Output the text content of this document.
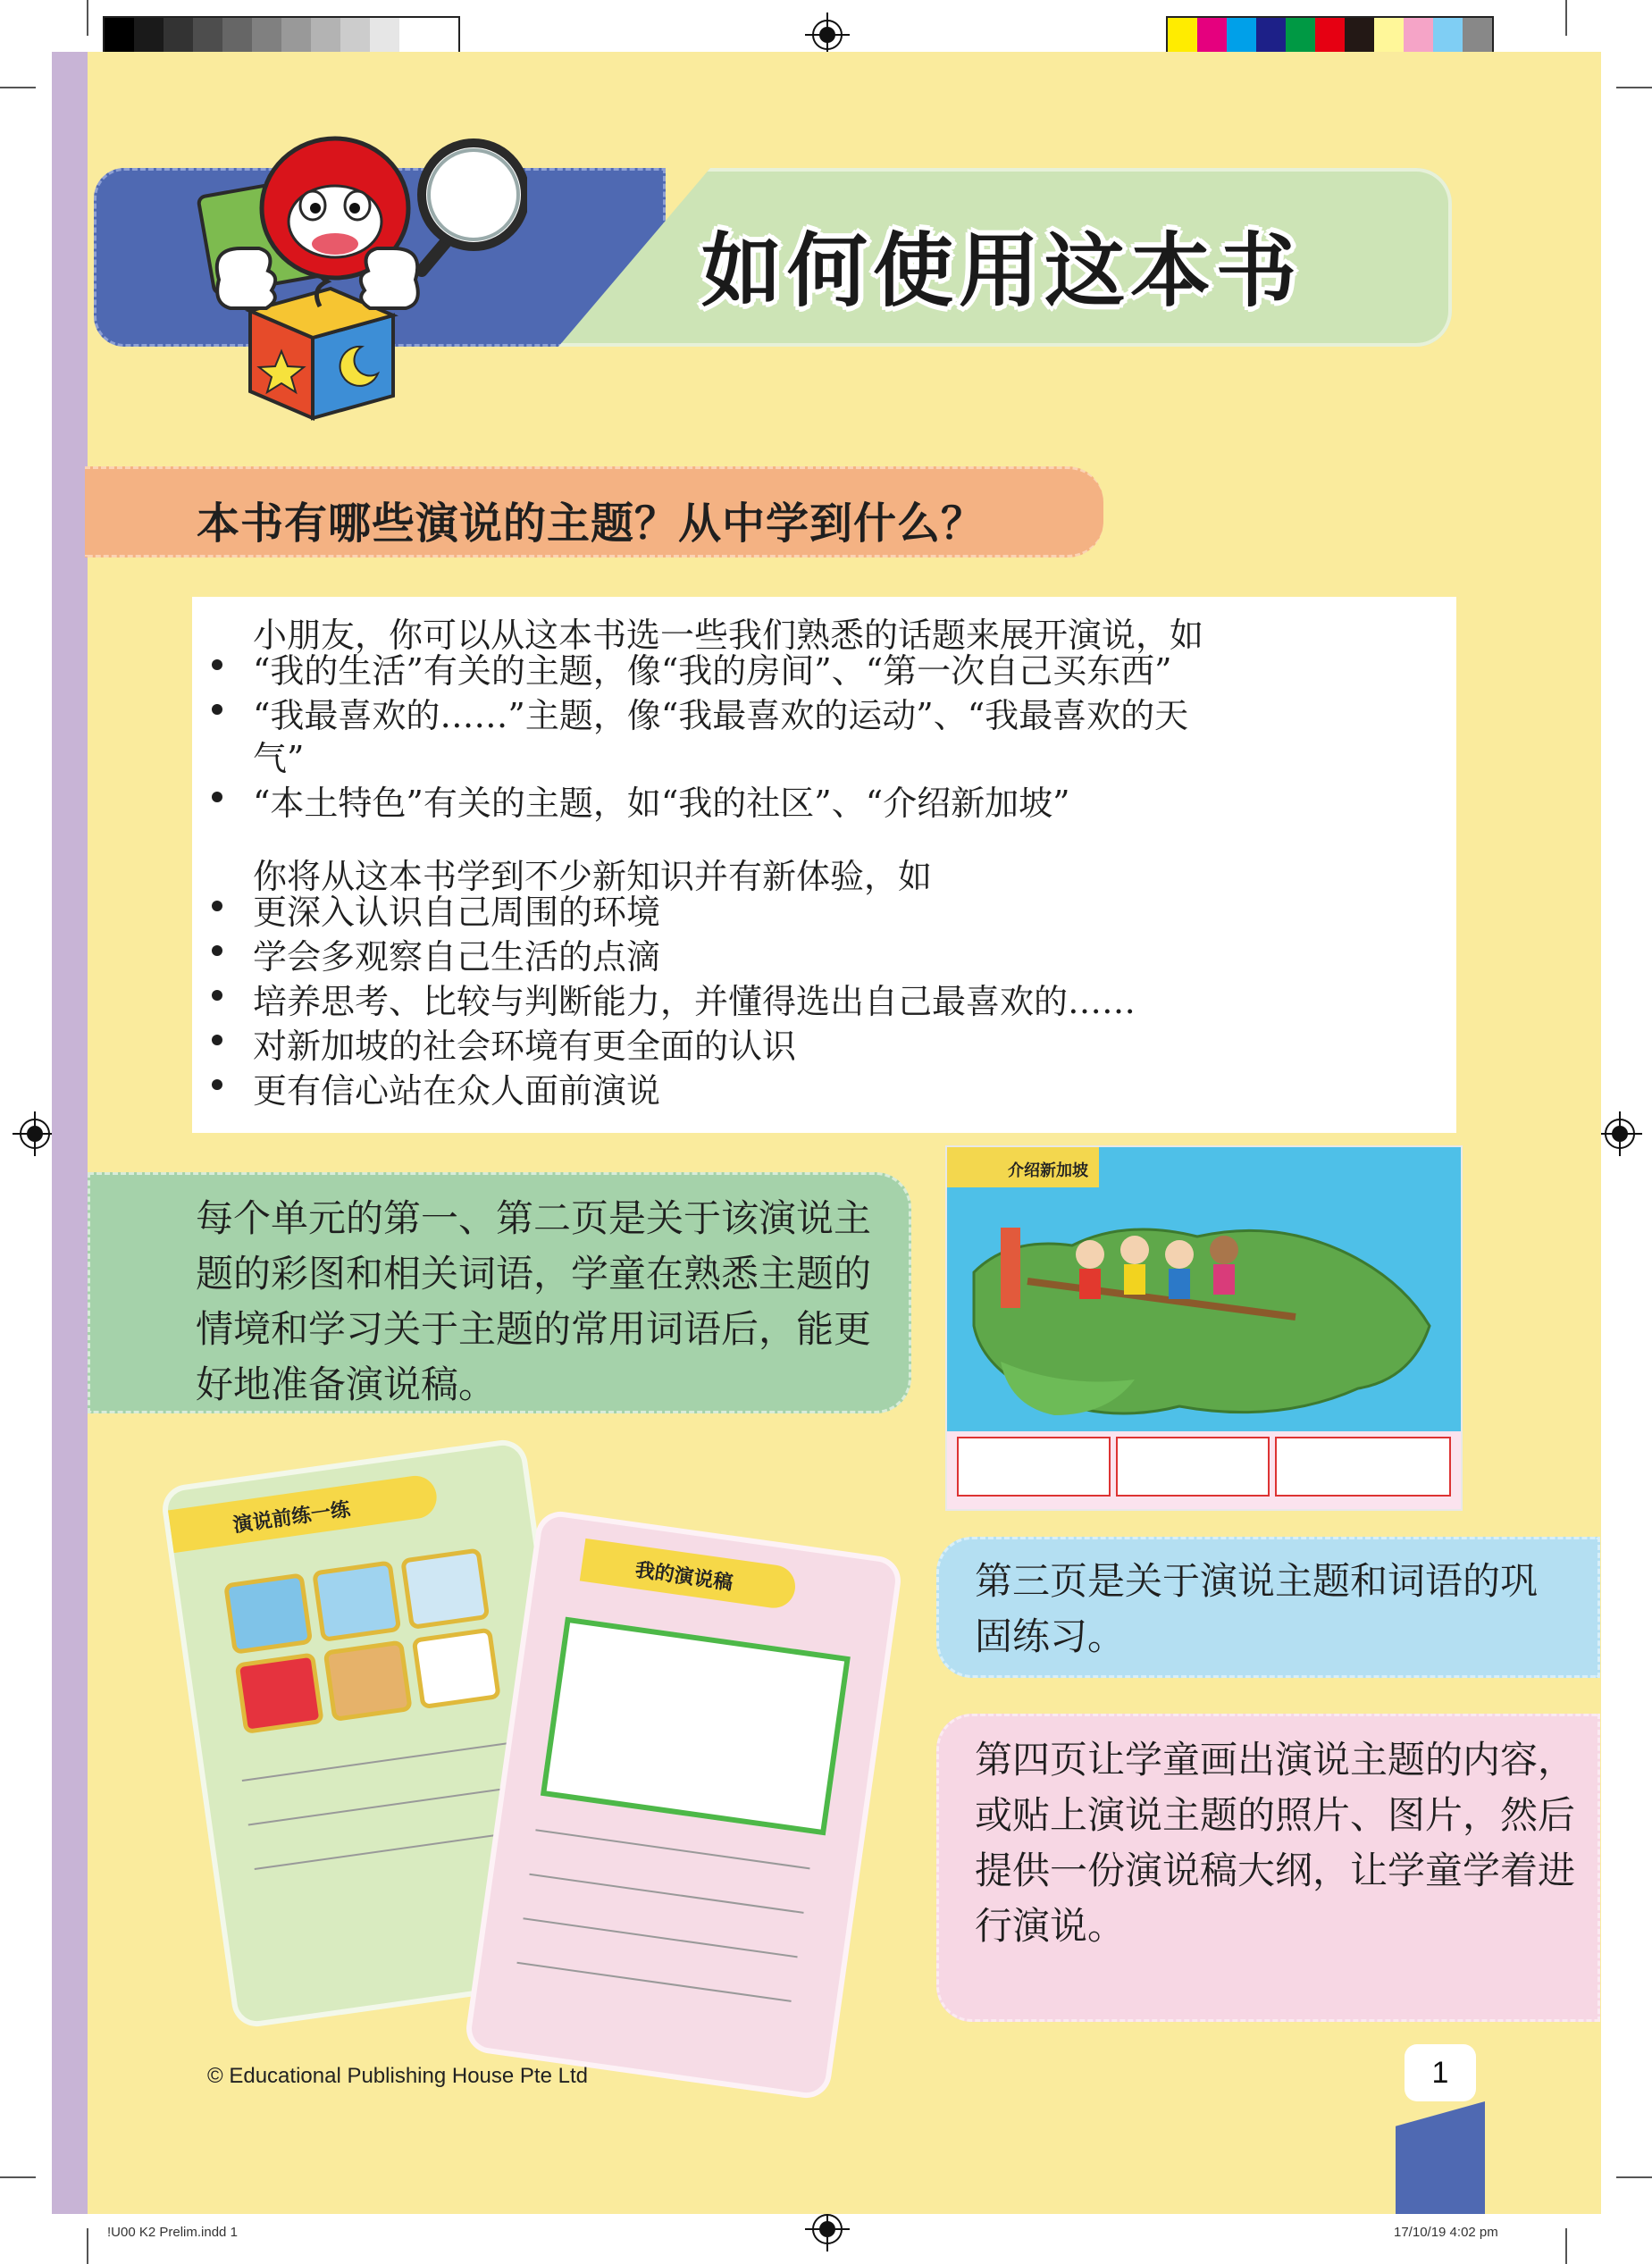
如何使用这本书
本书有哪些演说的主题？从中学到什么？
小朋友，你可以从这本书选一些我们熟悉的话题来展开演说，如
“我的生活”有关的主题，像“我的房间”、“第一次自己买东西”
“我最喜欢的……”主题，像“我最喜欢的运动”、“我最喜欢的天
气”
“本土特色”有关的主题，如“我的社区”、“介绍新加坡”
你将从这本书学到不少新知识并有新体验，如
更深入认识自己周围的环境
学会多观察自己生活的点滴
培养思考、比较与判断能力，并懂得选出自己最喜欢的……
对新加坡的社会环境有更全面的认识
更有信心站在众人面前演说
每个单元的第一、第二页是关于该演说主题的彩图和相关词语，学童在熟悉主题的情境和学习关于主题的常用词语后，能更好地准备演说稿。
介绍新加坡
第三页是关于演说主题和词语的巩固练习。
第四页让学童画出演说主题的内容，或贴上演说主题的照片、图片，然后提供一份演说稿大纲，让学童学着进行演说。
演说前练一练
我的演说稿
© Educational Publishing House Pte Ltd	1
!U00 K2 Prelim.indd 1	17/10/19 4:02 pm
